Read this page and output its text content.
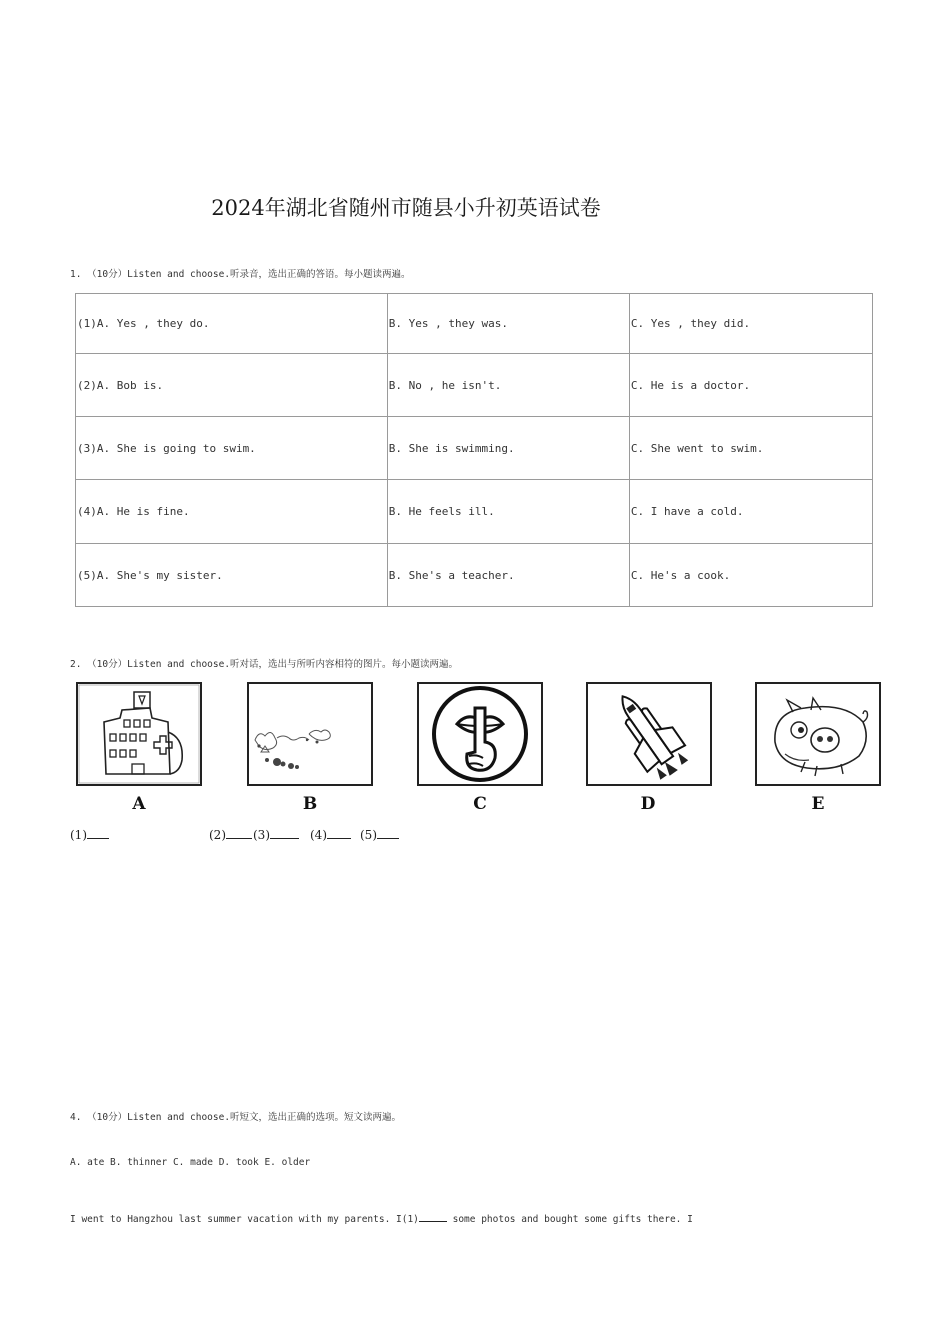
2024年湖北省随州市随县小升初英语试卷
1. （10分）Listen and choose.听录音，选出正确的答语。每小题读两遍。
(1)A. Yes , they do.	B. Yes , they was.	C. Yes , they did.
(2)A. Bob is.	B. No , he isn't.	C. He is a doctor.
(3)A. She is going to swim.	B. She is swimming.	C. She went to swim.
(4)A. He is fine.	B. He feels ill.	C. I have a cold.
(5)A. She's my sister.	B. She's a teacher.	C. He's a cook.
2. （10分）Listen and choose.听对话，选出与所听内容相符的图片。每小题读两遍。
A	B	C	D	E
(1)	(2)	(3)	(4)	(5)
4. （10分）Listen and choose.听短文，选出正确的选项。短文读两遍。
A. ate B. thinner C. made D. took E. older
I went to Hangzhou last summer vacation with my parents. I(1)	some photos and bought some gifts there. I
